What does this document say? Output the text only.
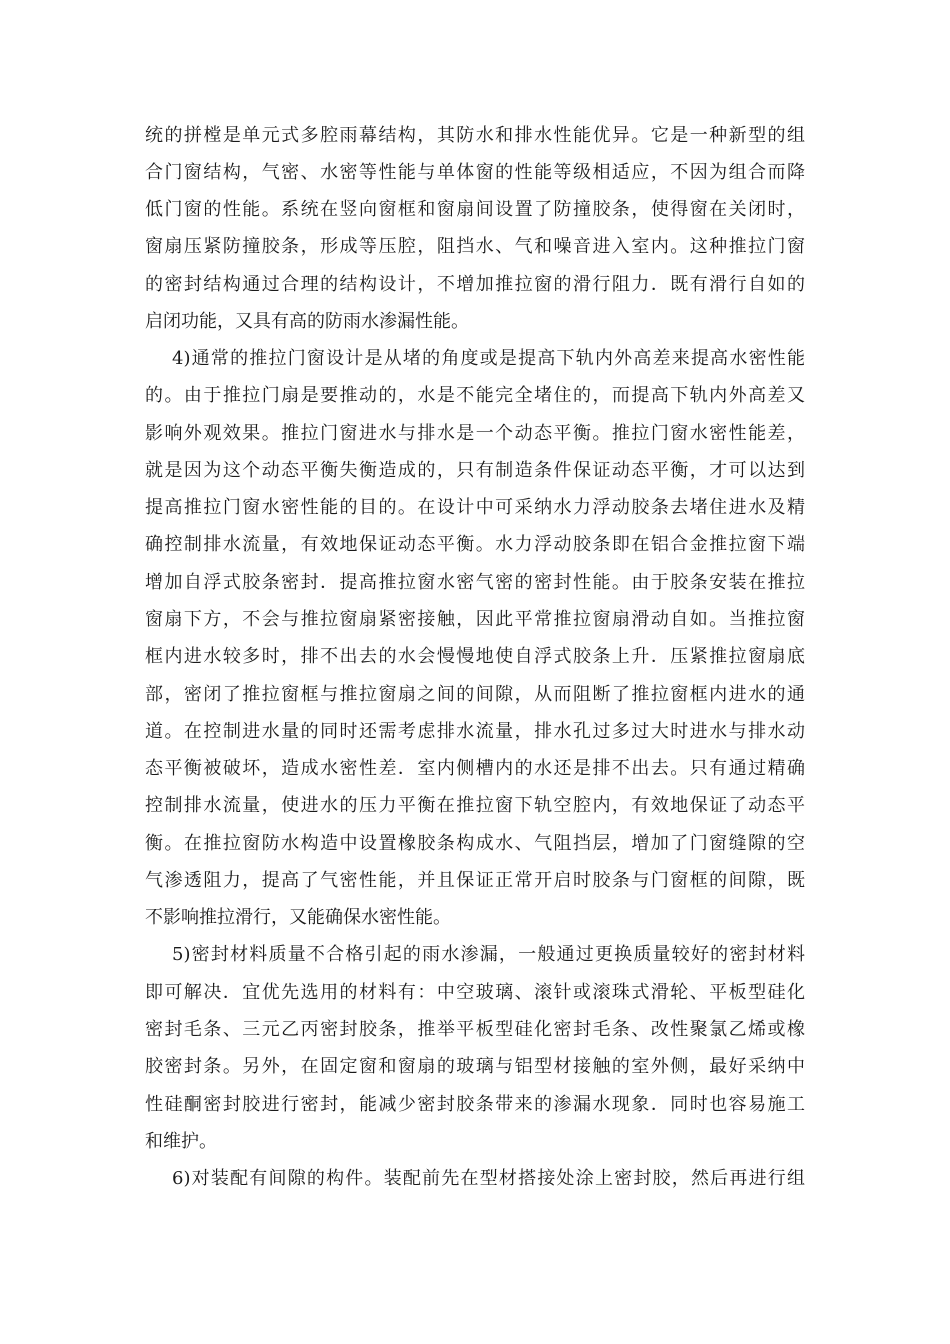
统的拼樘是单元式多腔雨幕结构，其防水和排水性能优异。它是一种新型的组
合门窗结构，气密、水密等性能与单体窗的性能等级相适应，不因为组合而降
低门窗的性能。系统在竖向窗框和窗扇间设置了防撞胶条，使得窗在关闭时，
窗扇压紧防撞胶条，形成等压腔，阻挡水、气和噪音进入室内。这种推拉门窗
的密封结构通过合理的结构设计，不增加推拉窗的滑行阻力．既有滑行自如的
启闭功能，又具有高的防雨水渗漏性能。
4)通常的推拉门窗设计是从堵的角度或是提高下轨内外高差来提高水密性能
的。由于推拉门扇是要推动的，水是不能完全堵住的，而提高下轨内外高差又
影响外观效果。推拉门窗进水与排水是一个动态平衡。推拉门窗水密性能差，
就是因为这个动态平衡失衡造成的，只有制造条件保证动态平衡，才可以达到
提高推拉门窗水密性能的目的。在设计中可采纳水力浮动胶条去堵住进水及精
确控制排水流量，有效地保证动态平衡。水力浮动胶条即在铝合金推拉窗下端
增加自浮式胶条密封．提高推拉窗水密气密的密封性能。由于胶条安装在推拉
窗扇下方，不会与推拉窗扇紧密接触，因此平常推拉窗扇滑动自如。当推拉窗
框内进水较多时，排不出去的水会慢慢地使自浮式胶条上升．压紧推拉窗扇底
部，密闭了推拉窗框与推拉窗扇之间的间隙，从而阻断了推拉窗框内进水的通
道。在控制进水量的同时还需考虑排水流量，排水孔过多过大时进水与排水动
态平衡被破坏，造成水密性差．室内侧槽内的水还是排不出去。只有通过精确
控制排水流量，使进水的压力平衡在推拉窗下轨空腔内，有效地保证了动态平
衡。在推拉窗防水构造中设置橡胶条构成水、气阻挡层，增加了门窗缝隙的空
气渗透阻力，提高了气密性能，并且保证正常开启时胶条与门窗框的间隙，既
不影响推拉滑行，又能确保水密性能。
5)密封材料质量不合格引起的雨水渗漏，一般通过更换质量较好的密封材料
即可解决．宜优先选用的材料有：中空玻璃、滚针或滚珠式滑轮、平板型硅化
密封毛条、三元乙丙密封胶条，推举平板型硅化密封毛条、改性聚氯乙烯或橡
胶密封条。另外，在固定窗和窗扇的玻璃与铝型材接触的室外侧，最好采纳中
性硅酮密封胶进行密封，能减少密封胶条带来的渗漏水现象．同时也容易施工
和维护。
6)对装配有间隙的构件。装配前先在型材搭接处涂上密封胶，然后再进行组
